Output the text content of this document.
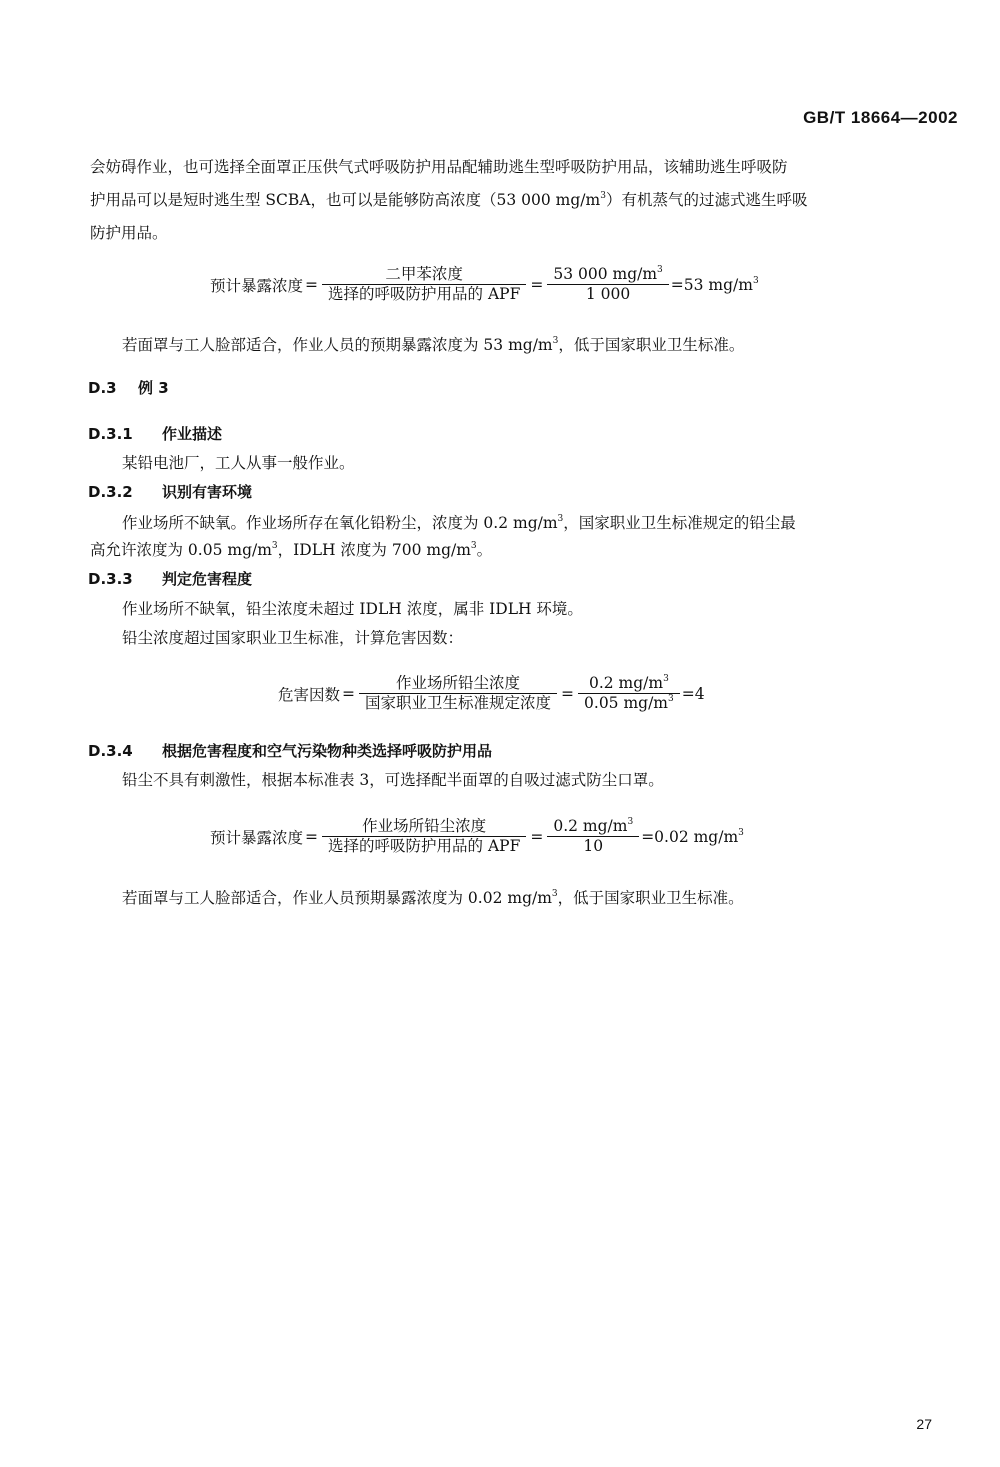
GB/T 18664—2002
会妨碍作业，也可选择全面罩正压供气式呼吸防护用品配辅助逃生型呼吸防护用品，该辅助逃生呼吸防
护用品可以是短时逃生型 SCBA，也可以是能够防高浓度（53 000 $mg/m^3$）有机蒸气的过滤式逃生呼吸
防护用品。
预计暴露浓度 = $\frac{\text{二甲苯浓度}}{\text{选择的呼吸防护用品的 APF}} = \frac{53 000 mg/m^3}{1 000} =53$ $mg/m^3$
若面罩与工人脸部适合，作业人员的预期暴露浓度为 53 $mg/m^3$，低于国家职业卫生标准。
D.3 例 3
D.3.1 作业描述
某铅电池厂，工人从事一般作业。
D.3.2 识别有害环境
作业场所不缺氧。作业场所存在氧化铅粉尘，浓度为 0.2 $mg/m^3$，国家职业卫生标准规定的铅尘最
高允许浓度为 0.05 $mg/m^3$，IDLH 浓度为 700 $mg/m^3$。
D.3.3 判定危害程度
作业场所不缺氧，铅尘浓度未超过 IDLH 浓度，属非 IDLH 环境。
铅尘浓度超过国家职业卫生标准，计算危害因数：
危害因数 = $\frac{\text{作业场所铅尘浓度}}{\text{国家职业卫生标准规定浓度}} = \frac{0.2 mg/m^3}{0.05 mg/m^3} =4$
D.3.4 根据危害程度和空气污染物种类选择呼吸防护用品
铅尘不具有刺激性，根据本标准表 3，可选择配半面罩的自吸过滤式防尘口罩。
预计暴露浓度 = $\frac{\text{作业场所铅尘浓度}}{\text{选择的呼吸防护用品的 APF}} = \frac{0.2 mg/m^3}{10} =0.02$ $mg/m^3$
若面罩与工人脸部适合，作业人员预期暴露浓度为 0.02 $mg/m^3$，低于国家职业卫生标准。
27
